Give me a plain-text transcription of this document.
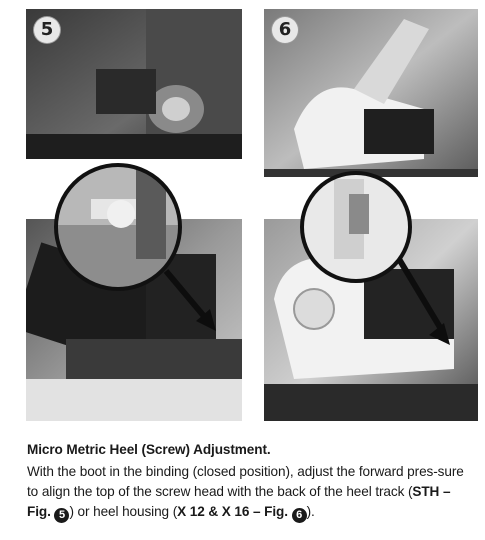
5	6
Micro Metric Heel (Screw) Adjustment.
With the boot in the binding (closed position), adjust the forward pres-sure to align the top of the screw head with the back of the heel track (STH – Fig. 5 ) or heel housing (X 12 & X 16 – Fig. 6 ).
